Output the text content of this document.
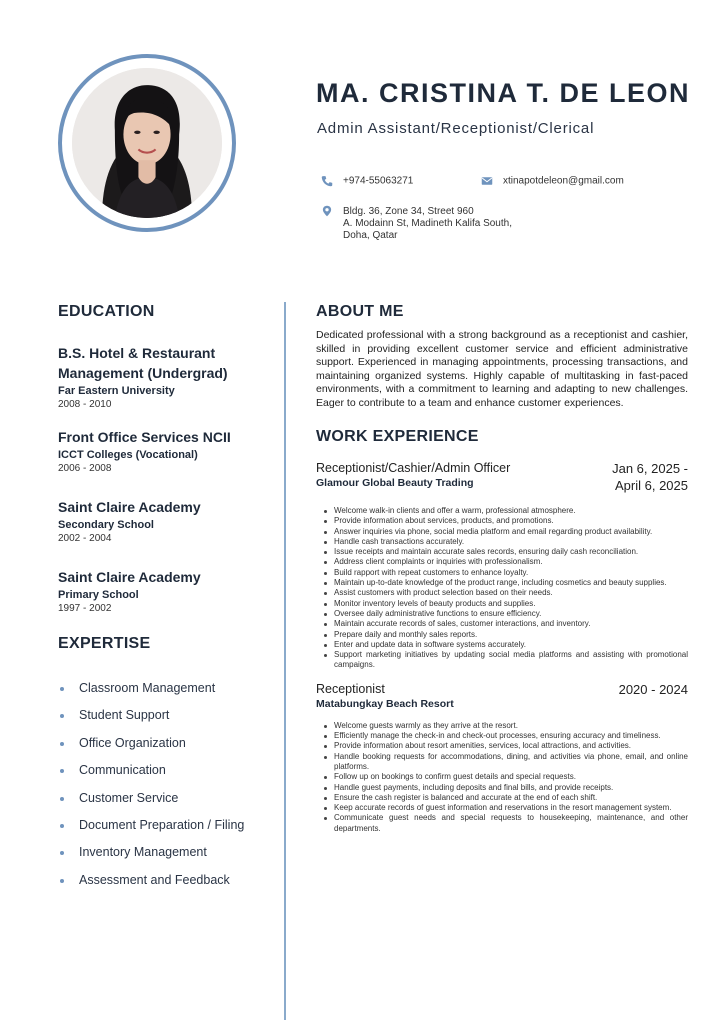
MA. CRISTINA T. DE LEON
Admin Assistant/Receptionist/Clerical
+974-55063271	xtinapotdeleon@gmail.com
Bldg. 36, Zone 34, Street 960
A. Modainn St, Madineth Kalifa South,
Doha, Qatar
EDUCATION
B.S. Hotel & Restaurant Management (Undergrad)
Far Eastern University
2008 - 2010
Front Office Services NCII
ICCT Colleges (Vocational)
2006 - 2008
Saint Claire Academy
Secondary School
2002 - 2004
Saint Claire Academy
Primary School
1997 - 2002
EXPERTISE
Classroom Management
Student Support
Office Organization
Communication
Customer Service
Document Preparation / Filing
Inventory Management
Assessment and Feedback
ABOUT ME

Dedicated professional with a strong background as a receptionist and cashier, skilled in providing excellent customer service and efficient administrative support. Experienced in managing appointments, processing transactions, and maintaining organized systems. Highly capable of multitasking in fast-paced environments, with a commitment to learning and adapting to new challenges. Eager to contribute to a team and enhance customer experiences.

WORK EXPERIENCE
Receptionist/Cashier/Admin Officer
Glamour Global Beauty Trading
Jan 6, 2025 -
April 6, 2025
Welcome walk-in clients and offer a warm, professional atmosphere.
Provide information about services, products, and promotions.
Answer inquiries via phone, social media platform and email regarding product availability.
Handle cash transactions accurately.
Issue receipts and maintain accurate sales records, ensuring daily cash reconciliation.
Address client complaints or inquiries with professionalism.
Build rapport with repeat customers to enhance loyalty.
Maintain up-to-date knowledge of the product range, including cosmetics and beauty supplies.
Assist customers with product selection based on their needs.
Monitor inventory levels of beauty products and supplies.
Oversee daily administrative functions to ensure efficiency.
Maintain accurate records of sales, customer interactions, and inventory.
Prepare daily and monthly sales reports.
Enter and update data in software systems accurately.
Support marketing initiatives by updating social media platforms and assisting with promotional campaigns.
Receptionist
Matabungkay Beach Resort
2020 - 2024
Welcome guests warmly as they arrive at the resort.
Efficiently manage the check-in and check-out processes, ensuring accuracy and timeliness.
Provide information about resort amenities, services, local attractions, and activities.
Handle booking requests for accommodations, dining, and activities via phone, email, and online platforms.
Follow up on bookings to confirm guest details and special requests.
Handle guest payments, including deposits and final bills, and provide receipts.
Ensure the cash register is balanced and accurate at the end of each shift.
Keep accurate records of guest information and reservations in the resort management system.
Communicate guest needs and special requests to housekeeping, maintenance, and other departments.
